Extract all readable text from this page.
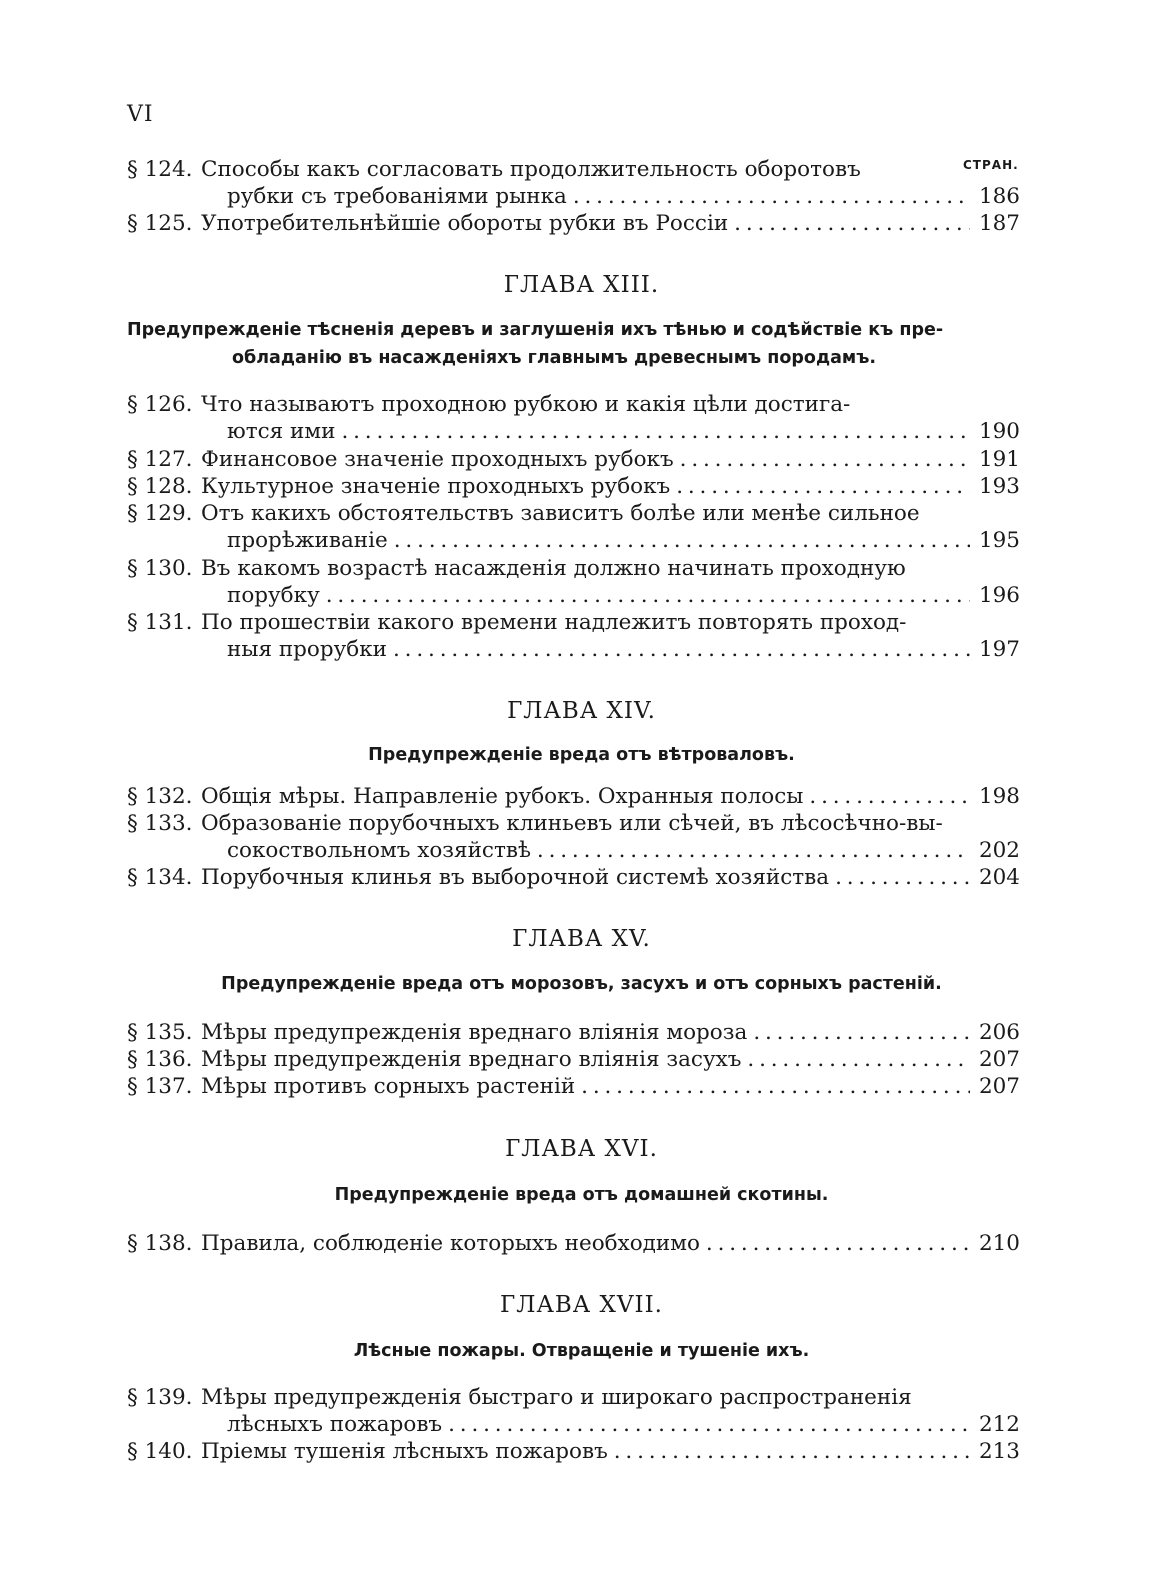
VI
СТРАН.
§ 124. Способы какъ согласовать продолжительность оборотовъ
рубки съ требованіями рынка . . .	186
§ 125. Употребительнѣйшіе обороты рубки въ Россіи . . .	187
ГЛАВА XIII.
Предупрежденіе тѣсненія деревъ и заглушенія ихъ тѣнью и содѣйствіе къ пре-
обладанію въ насажденіяхъ главнымъ древеснымъ породамъ.
§ 126. Что называютъ проходною рубкою и какія цѣли достига-
ются ими . . .	190
§ 127. Финансовое значеніе проходныхъ рубокъ . . .	191
§ 128. Культурное значеніе проходныхъ рубокъ . . .	193
§ 129. Отъ какихъ обстоятельствъ зависитъ болѣе или менѣе сильное
прорѣживаніе . . .	195
§ 130. Въ какомъ возрастѣ насажденія должно начинать проходную
порубку . . .	196
§ 131. По прошествіи какого времени надлежитъ повторять проход-
ныя прорубки . . .	197
ГЛАВА XIV.
Предупрежденіе вреда отъ вѣтроваловъ.
§ 132. Общія мѣры. Направленіе рубокъ. Охранныя полосы . . .	198
§ 133. Образованіе порубочныхъ клиньевъ или сѣчей, въ лѣсосѣчно-вы-
сокоствольномъ хозяйствѣ . . .	202
§ 134. Порубочныя клинья въ выборочной системѣ хозяйства . . .	204
ГЛАВА XV.
Предупрежденіе вреда отъ морозовъ, засухъ и отъ сорныхъ растеній.
§ 135. Мѣры предупрежденія вреднаго вліянія мороза . . .	206
§ 136. Мѣры предупрежденія вреднаго вліянія засухъ . . .	207
§ 137. Мѣры противъ сорныхъ растеній . . .	207
ГЛАВА XVI.
Предупрежденіе вреда отъ домашней скотины.
§ 138. Правила, соблюденіе которыхъ необходимо . . .	210
ГЛАВА XVII.
Лѣсные пожары. Отвращеніе и тушеніе ихъ.
§ 139. Мѣры предупрежденія быстраго и широкаго распространенія
лѣсныхъ пожаровъ . . .	212
§ 140. Пріемы тушенія лѣсныхъ пожаровъ . . .	213
